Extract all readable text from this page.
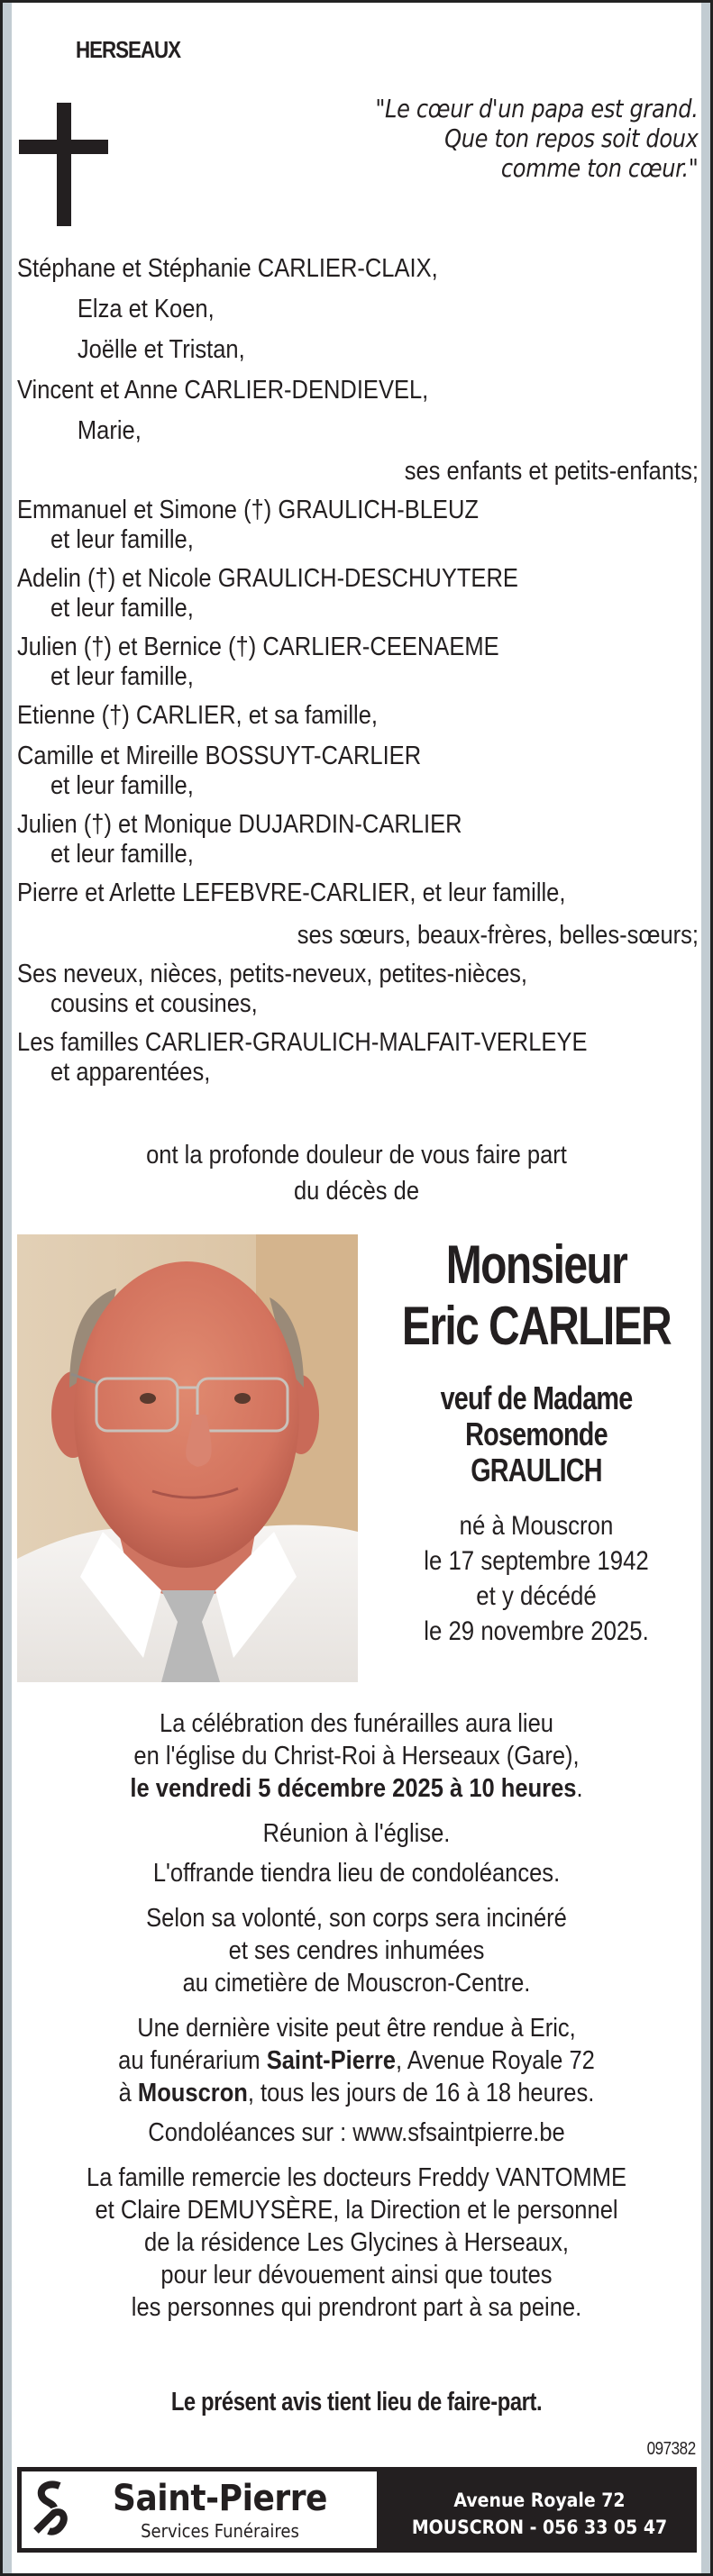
HERSEAUX
"Le cœur d'un papa est grand.
Que ton repos soit doux
comme ton cœur."
Stéphane et Stéphanie CARLIER-CLAIX,
Elza et Koen,
Joëlle et Tristan,
Vincent et Anne CARLIER-DENDIEVEL,
Marie,
ses enfants et petits-enfants;
Emmanuel et Simone (†) GRAULICH-BLEUZ
et leur famille,
Adelin (†) et Nicole GRAULICH-DESCHUYTERE
et leur famille,
Julien (†) et Bernice (†) CARLIER-CEENAEME
et leur famille,
Etienne (†) CARLIER, et sa famille,
Camille et Mireille BOSSUYT-CARLIER
et leur famille,
Julien (†) et Monique DUJARDIN-CARLIER
et leur famille,
Pierre et Arlette LEFEBVRE-CARLIER, et leur famille,
ses sœurs, beaux-frères, belles-sœurs;
Ses neveux, nièces, petits-neveux, petites-nièces,
cousins et cousines,
Les familles CARLIER-GRAULICH-MALFAIT-VERLEYE
et apparentées,
ont la profonde douleur de vous faire part
du décès de
Monsieur
Eric CARLIER
veuf de Madame
Rosemonde
GRAULICH
né à Mouscron
le 17 septembre 1942
et y décédé
le 29 novembre 2025.
La célébration des funérailles aura lieu
en l'église du Christ-Roi à Herseaux (Gare),
le vendredi 5 décembre 2025 à 10 heures.
Réunion à l'église.
L'offrande tiendra lieu de condoléances.
Selon sa volonté, son corps sera incinéré
et ses cendres inhumées
au cimetière de Mouscron-Centre.
Une dernière visite peut être rendue à Eric,
au funérarium Saint-Pierre, Avenue Royale 72
à Mouscron, tous les jours de 16 à 18 heures.
Condoléances sur : www.sfsaintpierre.be
La famille remercie les docteurs Freddy VANTOMME
et Claire DEMUYSÈRE, la Direction et le personnel
de la résidence Les Glycines à Herseaux,
pour leur dévouement ainsi que toutes
les personnes qui prendront part à sa peine.
Le présent avis tient lieu de faire-part.
097382
Saint-Pierre
Services Funéraires
Avenue Royale 72
MOUSCRON - 056 33 05 47
